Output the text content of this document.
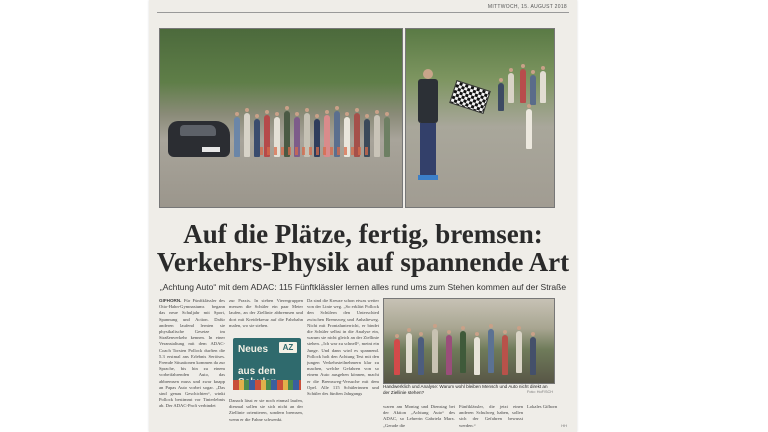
MITTWOCH, 15. AUGUST 2018
Auf die Plätze, fertig, bremsen:
Verkehrs-Physik auf spannende Art
„Achtung Auto“ mit dem ADAC: 115 Fünftklässler lernen alles rund ums zum Stehen kommen auf der Straße
GIFHORN. Für Fünftklässler des Otto-Hahn-Gymnasiums begann das neue Schuljahr mit Sport, Spannung und Action. Dafür anderen laufend lernten sie physikalische Gesetze im Straßenverkehr kennen. In einer Veranstaltung mit dem ADAC-Coach Torsten Pollock durften die 5.3 erstmal ans Erlebnis Seriöses. Fremde Situationen kommen da zur Sprache, bis hin zu einem vorbeifahrenden Auto, das abbremsen muss und zwar knapp an Papas Auto vorbei sogar. „Das sind genau Geschichten“, winkt Pollock bestimmt vor Tinterlebnis ab. Der ADAC-Profi verbindet
zur Praxis. In sieben Vierergruppen messen die Schüler ein paar Meter laufen, an der Ziellinie abbremsen und dort mit Kreidekreuz auf die Fahrbahn malen, wo sie stehen.
Neues
aus den
AZ
Danach lässt er sie noch einmal laufen, diesmal sollen sie sich nicht an der Ziellinie orientieren, sondern bremsen, wenn er die Fahne schwenkt.
Da sind die Kreuze schon etwas weiter von der Linie weg. „So erklärt Pollock den Schülern den Unterschied zwischen Bremsweg und Anhalteweg. Nicht mit Frontalunterricht, er bindet die Schüler selbst in die Analyse ein, warum sie nicht gleich an der Ziellinie stehen. „Ich war zu schnell“, meint ein Junge. Und dann wird es spannend. Pollock holt den Achtung Test mit den jungen Verkehrsteilnehmern klar zu machen, welche Gefahren von so einem Auto ausgehen können, macht er die Bremsweg-Versuche mit dem Opel. Alle 115 Schülerinnen und Schüler des fünften Jahrgangs
Handwerklich und Analyse: Warum wohl bleiben Mensch und Auto nicht direkt an der Ziellinie stehen?	Foto: HoF/SCH
waren am Montag und Dienstag bei der Aktion „Achtung Auto“ des ADAC, so Lehrerin Gabriela Marx. „Gerade die
Fünftklässler, die jetzt einen anderen Schulweg haben, sollen sich der Gefahren bewusst werden.“
Lokales Gifhorn
HH
